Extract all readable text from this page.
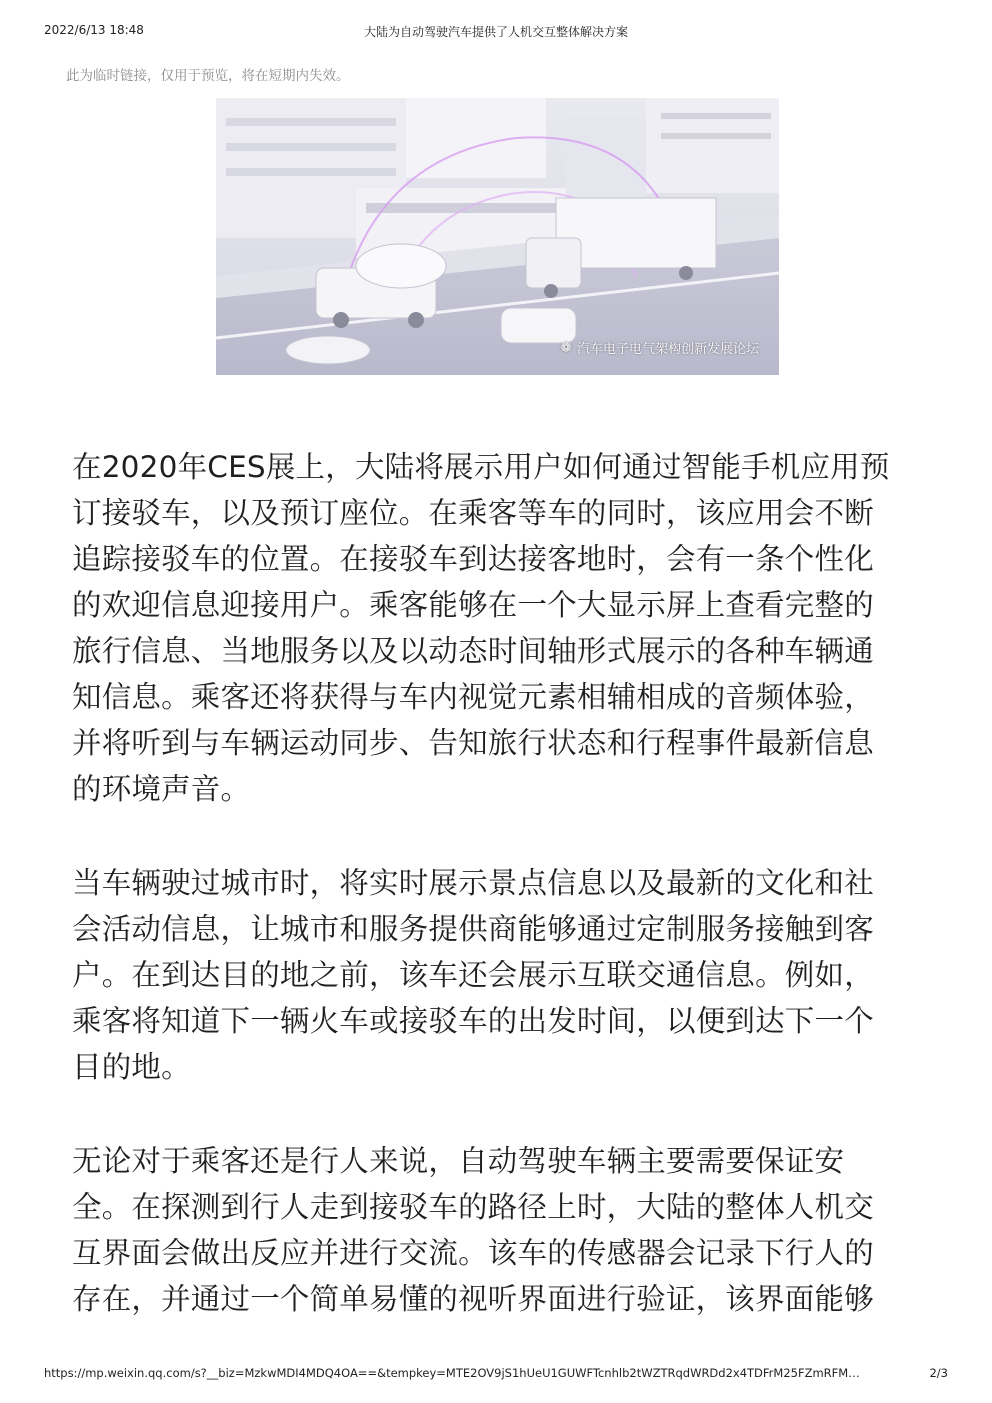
大陆为自动驾驶汽车提供了人机交互整体解决方案
2022/6/13 18:48
此为临时链接，仅用于预览，将在短期内失效。
❁ 汽车电子电气架构创新发展论坛

在2020年CES展上，大陆将展示用户如何通过智能手机应用预
订接驳车，以及预订座位。在乘客等车的同时，该应用会不断
追踪接驳车的位置。在接驳车到达接客地时，会有一条个性化
的欢迎信息迎接用户。乘客能够在一个大显示屏上查看完整的
旅行信息、当地服务以及以动态时间轴形式展示的各种车辆通
知信息。乘客还将获得与车内视觉元素相辅相成的音频体验，
并将听到与车辆运动同步、告知旅行状态和行程事件最新信息
的环境声音。

当车辆驶过城市时，将实时展示景点信息以及最新的文化和社
会活动信息，让城市和服务提供商能够通过定制服务接触到客
户。在到达目的地之前，该车还会展示互联交通信息。例如，
乘客将知道下一辆火车或接驳车的出发时间，以便到达下一个
目的地。

无论对于乘客还是行人来说，自动驾驶车辆主要需要保证安
全。在探测到行人走到接驳车的路径上时，大陆的整体人机交
互界面会做出反应并进行交流。该车的传感器会记录下行人的
存在，并通过一个简单易懂的视听界面进行验证，该界面能够

https://mp.weixin.qq.com/s?__biz=MzkwMDI4MDQ4OA==&tempkey=MTE2OV9jS1hUeU1GUWFTcnhlb2tWZTRqdWRDd2x4TDFrM25FZmRFM…	2/3
